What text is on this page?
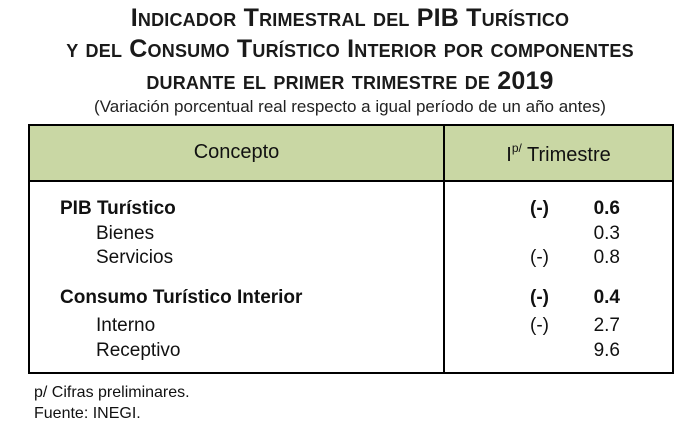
Indicador Trimestral del PIB Turístico
y del Consumo Turístico Interior por componentes
durante el primer trimestre de 2019
(Variación porcentual real respecto a igual período de un año antes)
Concepto	$I^{p/}$ Trimestre
PIB Turístico	(-)	0.6
Bienes	0.3
Servicios	(-)	0.8
Consumo Turístico Interior	(-)	0.4
Interno	(-)	2.7
Receptivo	9.6
p/ Cifras preliminares.
Fuente: INEGI.
